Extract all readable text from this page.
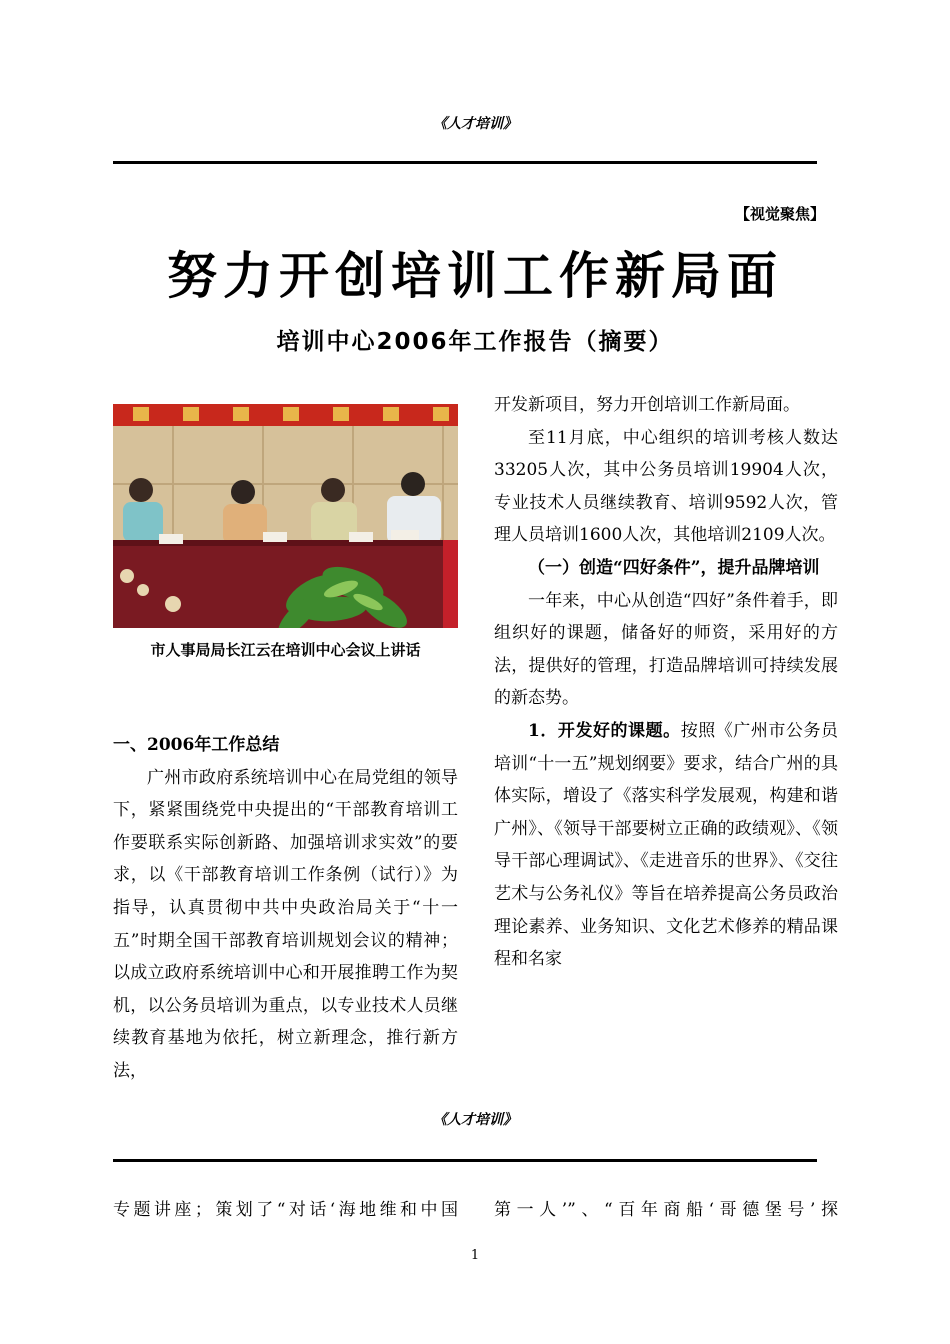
《人才培训》
【视觉聚焦】
努力开创培训工作新局面
培训中心2006年工作报告（摘要）
市人事局局长江云在培训中心会议上讲话

一、2006年工作总结

广州市政府系统培训中心在局党组的领导下，紧紧围绕党中央提出的“干部教育培训工作要联系实际创新路、加强培训求实效”的要求，以《干部教育培训工作条例（试行）》为指导，认真贯彻中共中央政治局关于“十一五”时期全国干部教育培训规划会议的精神；以成立政府系统培训中心和开展推聘工作为契机，以公务员培训为重点，以专业技术人员继续教育基地为依托，树立新理念，推行新方法，

开发新项目，努力开创培训工作新局面。

至11月底，中心组织的培训考核人数达33205人次，其中公务员培训19904人次，专业技术人员继续教育、培训9592人次，管理人员培训1600人次，其他培训2109人次。

（一）创造“四好条件”，提升品牌培训

一年来，中心从创造“四好”条件着手，即组织好的课题，储备好的师资，采用好的方法，提供好的管理，打造品牌培训可持续发展的新态势。

1．开发好的课题。按照《广州市公务员培训“十一五”规划纲要》要求，结合广州的具体实际，增设了《落实科学发展观，构建和谐广州》、《领导干部要树立正确的政绩观》、《领导干部心理调试》、《走进音乐的世界》、《交往艺术与公务礼仪》等旨在培养提高公务员政治理论素养、业务知识、文化艺术修养的精品课程和名家

《人才培训》
专题讲座；策划了“对话‘海地维和中国 第一人’”、“百年商船‘哥德堡号’探
1
